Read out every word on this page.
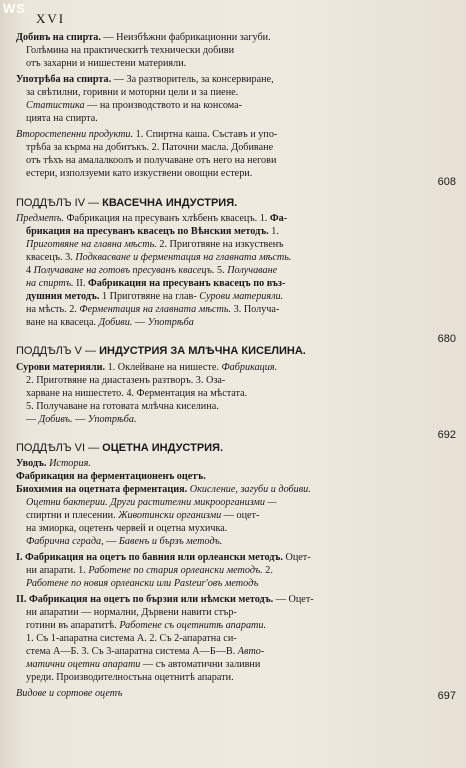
WS
XVI
Добивъ на спирта. — Неизбѣжни фабрикационни загуби.
Голѣмина на практическитѣ технически добиви
отъ захарни и нишестени материяли.
Употрѣба на спирта. — За разтворитель, за консервиране,
за свѣтилни, горивни и моторни цели и за пиене.
Статистика — на производството и на консома-
цията на спирта.
Второстепенни продукти. 1. Спиртна каша. Съставъ и упо-
трѣба за кърма на добитъкъ. 2. Паточни масла. Добиване
отъ тѣхъ на амалалкоолъ и получаване отъ него на негови
естери, използуеми като изкуствени овощни естери.
ПОДДѢЛЪ IV — КВАСЕЧНА ИНДУСТРИЯ.
Предметъ. Фабрикация на пресуванъ хлѣбенъ квасецъ. 1. Фа-
брикация на пресуванъ квасецъ по Вѣнския методъ. 1.
Приготвяне на главна мѣсть. 2. Приготвяне на изкуственъ
квасецъ. 3. Подквасване и ферментация на главната мѣсть.
4 Получаване на готовъ пресуванъ квасецъ. 5. Получаване
на спиртъ. II. Фабрикация на пресуванъ квасецъ по въз-
душния методъ. 1 Приготвяне на глав- Сурови материяли.
на мѣсть. 2. Ферментация на главната мѣсть. 3. Получа-
ване на квасеца. Добиви. — Употрѣба
ПОДДѢЛЪ V — ИНДУСТРИЯ ЗА МЛѢЧНА КИСЕЛИНА.
Сурови материяли. 1. Оклейване на нишесте. Фабрикация.
2. Приготвяне на диастазенъ разтворъ. 3. Озa-
харване на нишестето. 4. Ферментация на мѣстата.
5. Получаване на готовата млѣчна киселина.
— Добивъ. — Употрѣба.
ПОДДѢЛЪ VI — ОЦЕТНА ИНДУСТРИЯ.
Уводъ. История.
Фабрикация на ферментационенъ оцетъ.
Биохимия на оцетната ферментация. Окисление, загуби и добиви.
Оцетни бактерии. Други растителни микроорганизми —
спиртни и плесении. Животински организми — оцет-
на змиорка, оцетенъ червей и оцетна мухичка.
Фабрична сграда, — Бавенъ и бързъ методъ.
I. Фабрикация на оцетъ по бавния или орлеански методъ. Оцет-
ни апарати. 1. Работене по стария орлеански методъ. 2.
Работене по новия орлеански или Pasteur'овъ методъ
II. Фабрикация на оцетъ по бързия или нѣмски методъ. — Оцет-
ни апаратии — нормални, Дървени навити стър-
готини въ апаратитѣ. Работене съ оцетнитѣ апарати.
1. Съ 1-апаратна система А. 2. Съ 2-апаратна си-
стема А—Б. 3. Съ 3-апаратна система А—Б—В. Авто-
матични оцетни апарати — съ автоматични заливни
уреди. Производителностьна оцетнитѣ апарати.
Видове и сортове оцетъ
608
680
692
697
